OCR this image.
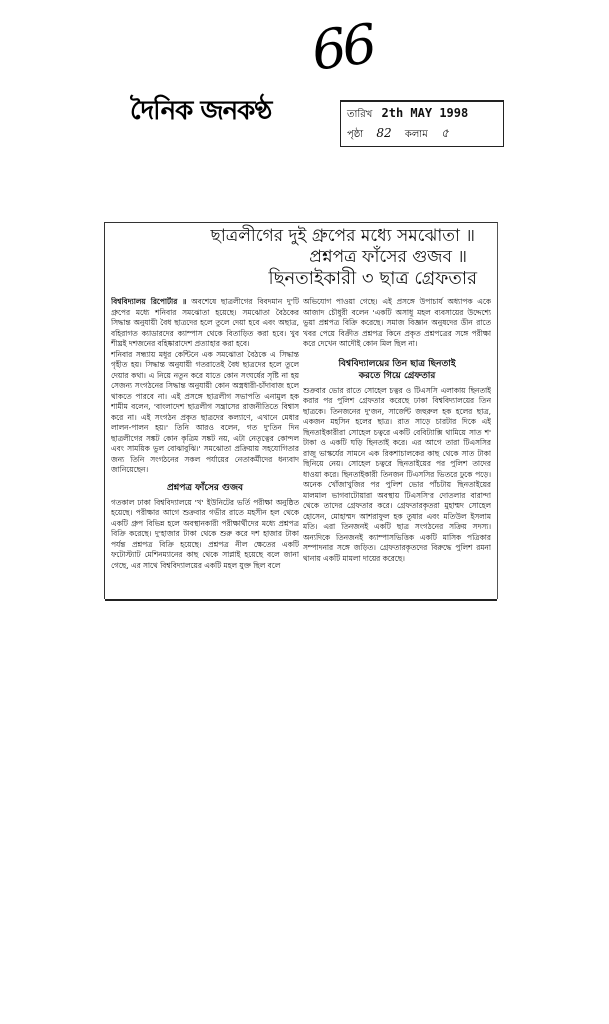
66
দৈনিক জনকণ্ঠ	তারিখ 2th MAY 1998
পৃষ্ঠা 82 কলাম ৫
ছাত্রলীগের দুই গ্রুপের মধ্যে সমঝোতা ॥
প্রশ্নপত্র ফাঁসের গুজব ॥
ছিনতাইকারী ৩ ছাত্র গ্রেফতার

বিশ্ববিদ্যালয় রিপোর্টার ॥ অবশেষে ছাত্রলীগের বিবদমান দু'টি গ্রুপের মধ্যে শনিবার সমঝোতা হয়েছে। সমঝোতা বৈঠকের সিদ্ধান্ত অনুযায়ী বৈধ ছাত্রদের হলে তুলে দেয়া হবে এবং অছাত্র, বহিরাগত ক্যাডারদের ক্যাম্পাস থেকে বিতাড়িত করা হবে। খুব শীঘ্রই দশজনের বহিষ্কারাদেশ প্রত্যাহার করা হবে।

শনিবার সন্ধ্যায় মধুর কেন্টিনে এক সমঝোতা বৈঠকে এ সিদ্ধান্ত গৃহীত হয়। সিদ্ধান্ত অনুযায়ী গতরাতেই বৈধ ছাত্রদের হলে তুলে দেয়ার কথা। এ নিয়ে নতুন করে যাতে কোন সংঘর্ষের সৃষ্টি না হয় সেজন্য সংগঠনের সিদ্ধান্ত অনুযায়ী কোন অস্ত্রধারী-চাঁদাবাজ হলে থাকতে পারবে না। এই প্রসঙ্গে ছাত্রলীগ সভাপতি এনামুল হক শামীম বলেন, 'বাংলাদেশ ছাত্রলীগ সন্ত্রাসের রাজনীতিতে বিশ্বাস করে না। এই সংগঠন প্রকৃত ছাত্রদের কল্যাণে, এখানে মেধার লালন-পালন হয়।' তিনি আরও বলেন, গত দু'তিন দিন ছাত্রলীগের সঙ্কট কোন কৃত্রিম সঙ্কট নয়, এটা নেতৃত্বের কোন্দল এবং সাময়িক ভুল বোঝাবুঝি।' সমঝোতা প্রক্রিয়ায় সহযোগিতার জন্য তিনি সংগঠনের সকল পর্যায়ের নেতাকর্মীদের ধন্যবাদ জানিয়েছেন।

প্রশ্নপত্র ফাঁসের গুজব

গতকাল ঢাকা বিশ্ববিদ্যালয়ে 'খ' ইউনিটের ভর্তি পরীক্ষা অনুষ্ঠিত হয়েছে। পরীক্ষার আগে শুক্রবার গভীর রাতে মহসীন হল থেকে একটি গ্রুপ বিভিন্ন হলে অবস্থানকারী পরীক্ষার্থীদের মধ্যে প্রশ্নপত্র বিক্রি করেছে। দু'হাজার টাকা থেকে শুরু করে দশ হাজার টাকা পর্যন্ত প্রশ্নপত্র বিক্রি হয়েছে। প্রশ্নপত্র নীল ক্ষেতের একটি ফটোস্ট্যাট মেশিনম্যানের কাছ থেকে সাপ্লাই হয়েছে বলে জানা গেছে, এর সাথে বিশ্ববিদ্যালয়ের একটি মহল যুক্ত ছিল বলে

অভিযোগ পাওয়া গেছে। এই প্রসঙ্গে উপাচার্য অধ্যাপক একে আজাদ চৌধুরী বলেন 'একটি অসাধু মহল ব্যবসায়ের উদ্দেশ্যে ভুয়া প্রশ্নপত্র বিক্রি করেছে। সমাজ বিজ্ঞান অনুষদের ডীন রাতে খবর পেয়ে বিক্রীত প্রশ্নপত্র কিনে প্রকৃত প্রশ্নপত্রের সঙ্গে পরীক্ষা করে দেখেন আদৌই কোন মিল ছিল না।

বিশ্ববিদ্যালয়ের তিন ছাত্র ছিনতাই
করতে গিয়ে গ্রেফতার

শুক্রবার ভোর রাতে সোহেল চত্বর ও টিএসসি এলাকায় ছিনতাই করার পর পুলিশ গ্রেফতার করেছে ঢাকা বিশ্ববিদ্যালয়ের তিন ছাত্রকে। তিনজনের দু'জন, সার্জেন্ট জহুরুল হক হলের ছাত্র, একজন মহসিন হলের ছাত্র। রাত সাড়ে চারটার দিকে এই ছিনতাইকারীরা সোহেল চত্বরে একটি বেবিট্যাক্সি থামিয়ে সাত শ' টাকা ও একটি ঘড়ি ছিনতাই করে। এর আগে তারা টিএসসির রাজু ভাস্কর্যের সামনে এক রিকশাচালকের কাছ থেকে সাত টাকা ছিনিয়ে নেয়। সোহেল চত্বরে ছিনতাইয়ের পর পুলিশ তাদের ধাওয়া করে। ছিনতাইকারী তিনজন টিএসসির ভিতরে ঢুকে পড়ে। অনেক খোঁজাখুজির পর পুলিশ ভোর পাঁচটায় ছিনতাইয়ের মালমাল ভাগবাটোয়ারা অবস্থায় টিএসসি'র দোতলার বারান্দা থেকে তাদের গ্রেফতার করে। গ্রেফতারকৃতরা মুহাম্মদ সোহেল হোসেন, মোহাম্মদ আশরাফুল হক তুষার এবং মতিউল ইসলাম মতি। এরা তিনজনই একটি ছাত্র সংগঠনের সক্রিয় সদস্য। অন্যদিকে তিনজনই ক্যাম্পাসভিত্তিক একটি মাসিক পত্রিকার সম্পাদনার সঙ্গে জড়িত। গ্রেফতারকৃতদের বিরুদ্ধে পুলিশ রমনা থানায় একটি মামলা দায়ের করেছে।
